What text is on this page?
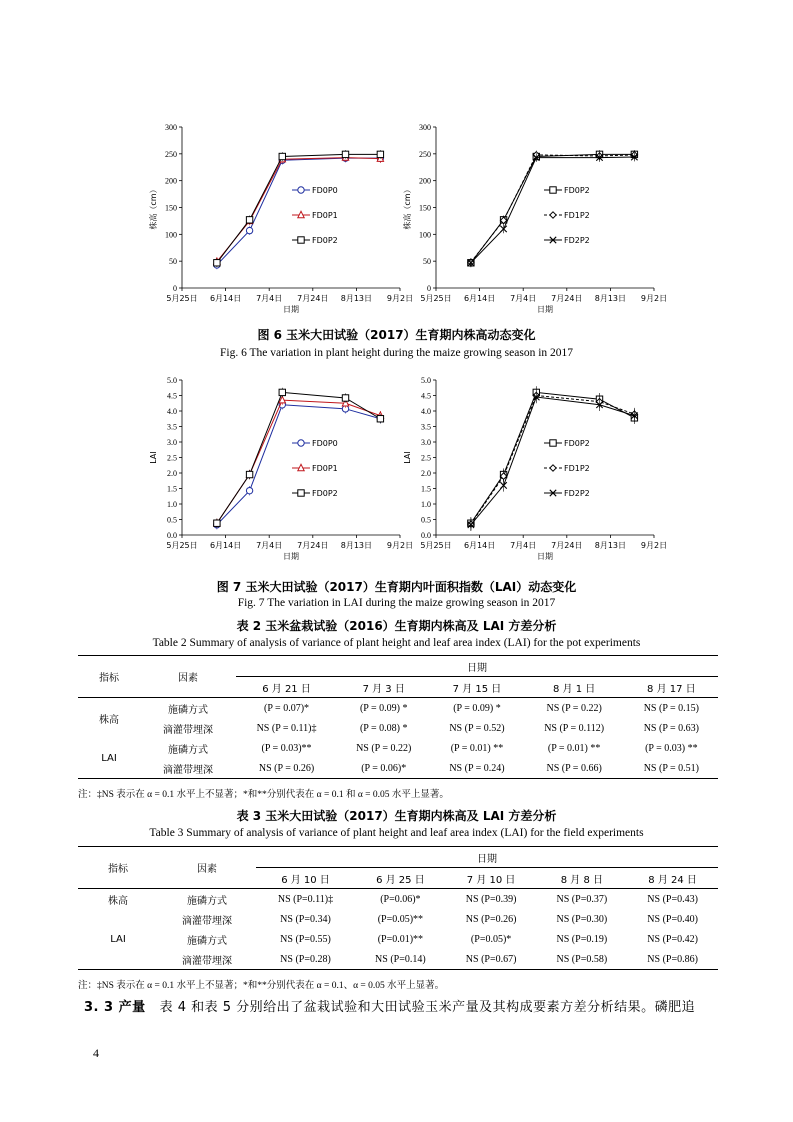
0
50
100
150
200
250
300
5月25日 6月14日 7月4日 7月24日 8月13日 9月2日
日期
株高（cm）	FD0P0
FD0P1
FD0P2
0
50
100
150
200
250
300
5月25日 6月14日 7月4日 7月24日 8月13日 9月2日
日期
株高（cm）	FD0P2
FD1P2
FD2P2
图 6 玉米大田试验（2017）生育期内株高动态变化
Fig. 6 The variation in plant height during the maize growing season in 2017
0.0
0.5
1.0
1.5
2.0
2.5
3.0
3.5
4.0
4.5
5.0
5月25日 6月14日 7月4日 7月24日 8月13日 9月2日
日期
LAI
FD0P0
FD0P1
FD0P2
0.0
0.5
1.0
1.5
2.0
2.5
3.0
3.5
4.0
4.5
5.0
5月25日 6月14日 7月4日 7月24日 8月13日 9月2日
日期
LAI
FD0P2
FD1P2
FD2P2
图 7 玉米大田试验（2017）生育期内叶面积指数（LAI）动态变化
Fig. 7 The variation in LAI during the maize growing season in 2017
表 2 玉米盆栽试验（2016）生育期内株高及 LAI 方差分析
Table 2 Summary of analysis of variance of plant height and leaf area index (LAI) for the pot experiments
指标	因素	日期				
		6 月 21 日	7 月 3 日	7 月 15 日	8 月 1 日	8 月 17 日
株高	施磷方式	(P = 0.07)*	(P = 0.09) *	(P = 0.09) *	NS (P = 0.22)	NS (P = 0.15)
	滴灌带埋深	NS (P = 0.11)‡	(P = 0.08) *	NS (P = 0.52)	NS (P = 0.112)	NS (P = 0.63)
LAI	施磷方式	(P = 0.03)**	NS (P = 0.22)	(P = 0.01) **	(P = 0.01) **	(P = 0.03) **
	滴灌带埋深	NS (P = 0.26)	(P = 0.06)*	NS (P = 0.24)	NS (P = 0.66)	NS (P = 0.51)
注：‡NS 表示在 α = 0.1 水平上不显著；*和**分别代表在 α = 0.1 和 α = 0.05 水平上显著。
表 3 玉米大田试验（2017）生育期内株高及 LAI 方差分析
Table 3 Summary of analysis of variance of plant height and leaf area index (LAI) for the field experiments
指标	因素	日期				
		6 月 10 日	6 月 25 日	7 月 10 日	8 月 8 日	8 月 24 日
株高	施磷方式	NS (P=0.11)‡	(P=0.06)*	NS (P=0.39)	NS (P=0.37)	NS (P=0.43)
	滴灌带埋深	NS (P=0.34)	(P=0.05)**	NS (P=0.26)	NS (P=0.30)	NS (P=0.40)
LAI	施磷方式	NS (P=0.55)	(P=0.01)**	(P=0.05)*	NS (P=0.19)	NS (P=0.42)
	滴灌带埋深	NS (P=0.28)	NS (P=0.14)	NS (P=0.67)	NS (P=0.58)	NS (P=0.86)
注：‡NS 表示在 α = 0.1 水平上不显著；*和**分别代表在 α = 0.1、α = 0.05 水平上显著。
3. 3 产量 表 4 和表 5 分别给出了盆栽试验和大田试验玉米产量及其构成要素方差分析结果。磷肥追
4
